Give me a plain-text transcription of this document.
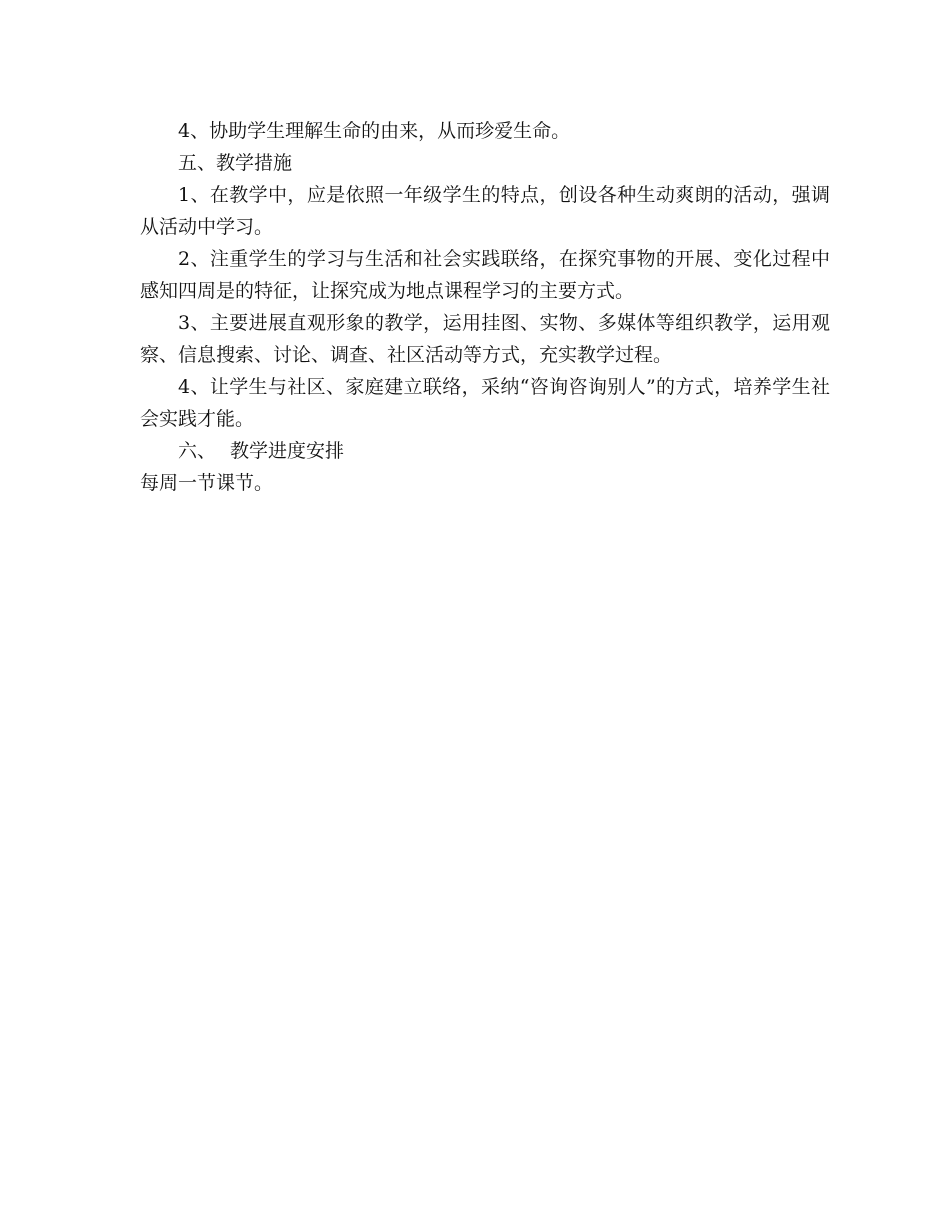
4、协助学生理解生命的由来，从而珍爱生命。

五、教学措施

1、在教学中，应是依照一年级学生的特点，创设各种生动爽朗的活动，强调从活动中学习。

2、注重学生的学习与生活和社会实践联络，在探究事物的开展、变化过程中感知四周是的特征，让探究成为地点课程学习的主要方式。

3、主要进展直观形象的教学，运用挂图、实物、多媒体等组织教学，运用观察、信息搜索、讨论、调查、社区活动等方式，充实教学过程。

4、让学生与社区、家庭建立联络，采纳“咨询咨询别人”的方式，培养学生社会实践才能。

六、 教学进度安排

每周一节课节。
